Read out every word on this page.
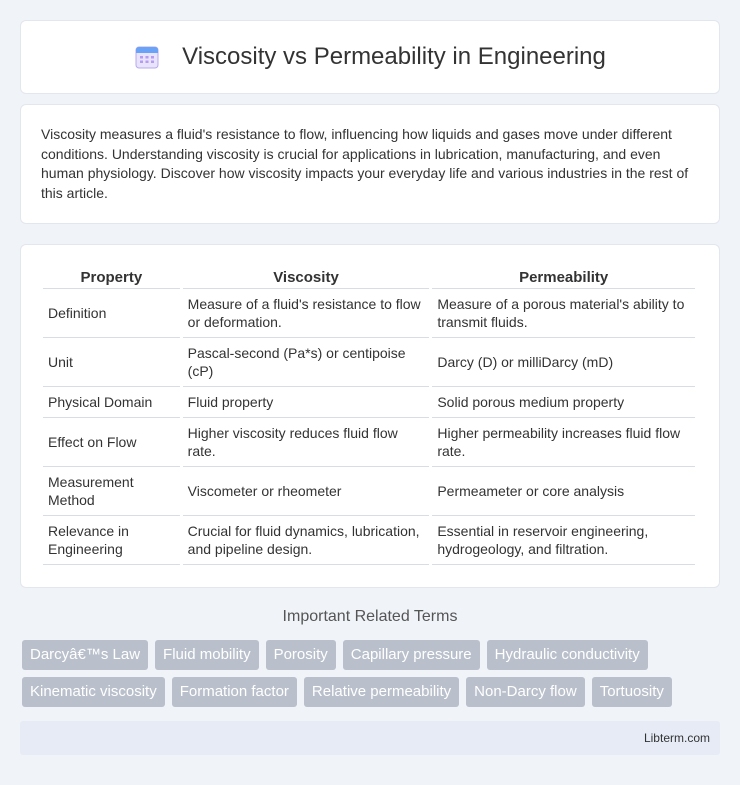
Viscosity vs Permeability in Engineering

Viscosity measures a fluid's resistance to flow, influencing how liquids and gases move under different conditions. Understanding viscosity is crucial for applications in lubrication, manufacturing, and even human physiology. Discover how viscosity impacts your everyday life and various industries in the rest of this article.

Property	Viscosity	Permeability
Definition	Measure of a fluid's resistance to flow or deformation.	Measure of a porous material's ability to transmit fluids.
Unit	Pascal-second (Pa*s) or centipoise (cP)	Darcy (D) or milliDarcy (mD)
Physical Domain	Fluid property	Solid porous medium property
Effect on Flow	Higher viscosity reduces fluid flow rate.	Higher permeability increases fluid flow rate.
Measurement Method	Viscometer or rheometer	Permeameter or core analysis
Relevance in Engineering	Crucial for fluid dynamics, lubrication, and pipeline design.	Essential in reservoir engineering, hydrogeology, and filtration.
Important Related Terms
Darcyâ€™s Law	Fluid mobility	Porosity	Capillary pressure	Hydraulic conductivity
Kinematic viscosity	Formation factor	Relative permeability	Non-Darcy flow	Tortuosity
Libterm.com
